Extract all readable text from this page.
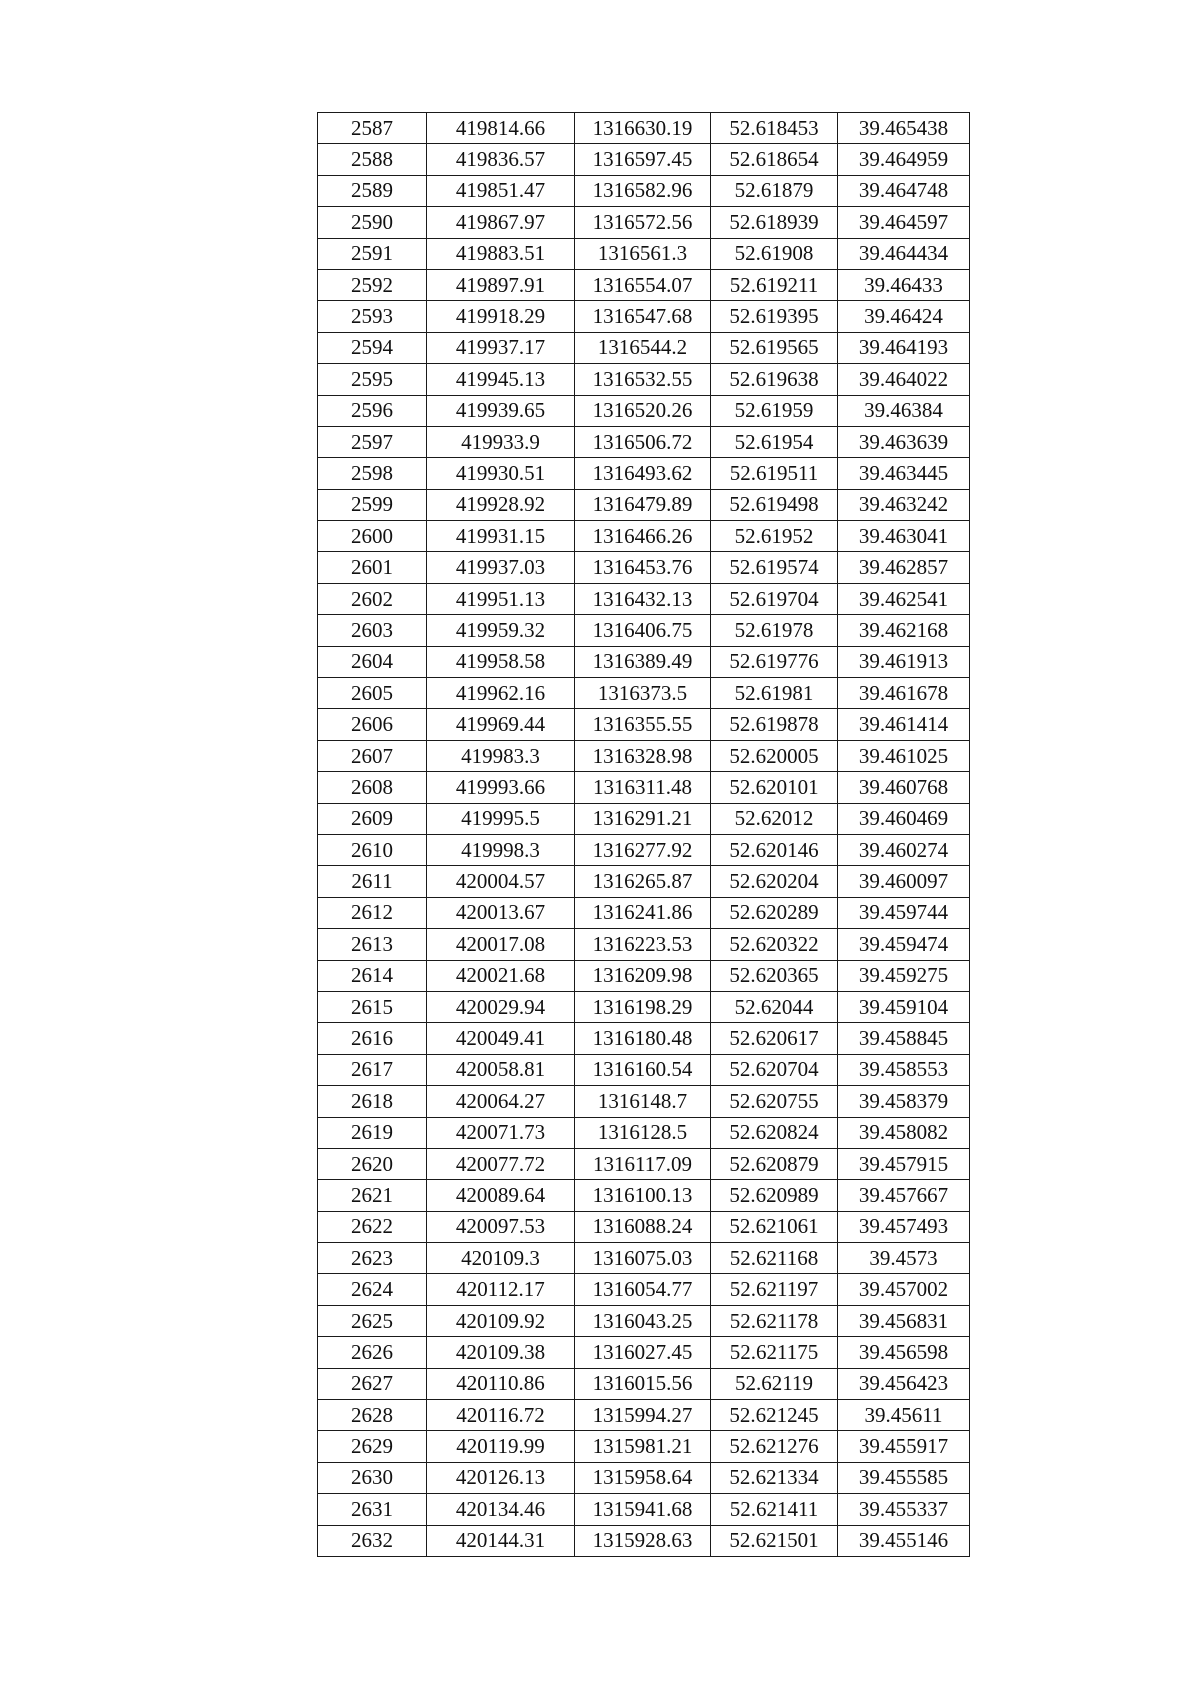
2587	419814.66	1316630.19	52.618453	39.465438
2588	419836.57	1316597.45	52.618654	39.464959
2589	419851.47	1316582.96	52.61879	39.464748
2590	419867.97	1316572.56	52.618939	39.464597
2591	419883.51	1316561.3	52.61908	39.464434
2592	419897.91	1316554.07	52.619211	39.46433
2593	419918.29	1316547.68	52.619395	39.46424
2594	419937.17	1316544.2	52.619565	39.464193
2595	419945.13	1316532.55	52.619638	39.464022
2596	419939.65	1316520.26	52.61959	39.46384
2597	419933.9	1316506.72	52.61954	39.463639
2598	419930.51	1316493.62	52.619511	39.463445
2599	419928.92	1316479.89	52.619498	39.463242
2600	419931.15	1316466.26	52.61952	39.463041
2601	419937.03	1316453.76	52.619574	39.462857
2602	419951.13	1316432.13	52.619704	39.462541
2603	419959.32	1316406.75	52.61978	39.462168
2604	419958.58	1316389.49	52.619776	39.461913
2605	419962.16	1316373.5	52.61981	39.461678
2606	419969.44	1316355.55	52.619878	39.461414
2607	419983.3	1316328.98	52.620005	39.461025
2608	419993.66	1316311.48	52.620101	39.460768
2609	419995.5	1316291.21	52.62012	39.460469
2610	419998.3	1316277.92	52.620146	39.460274
2611	420004.57	1316265.87	52.620204	39.460097
2612	420013.67	1316241.86	52.620289	39.459744
2613	420017.08	1316223.53	52.620322	39.459474
2614	420021.68	1316209.98	52.620365	39.459275
2615	420029.94	1316198.29	52.62044	39.459104
2616	420049.41	1316180.48	52.620617	39.458845
2617	420058.81	1316160.54	52.620704	39.458553
2618	420064.27	1316148.7	52.620755	39.458379
2619	420071.73	1316128.5	52.620824	39.458082
2620	420077.72	1316117.09	52.620879	39.457915
2621	420089.64	1316100.13	52.620989	39.457667
2622	420097.53	1316088.24	52.621061	39.457493
2623	420109.3	1316075.03	52.621168	39.4573
2624	420112.17	1316054.77	52.621197	39.457002
2625	420109.92	1316043.25	52.621178	39.456831
2626	420109.38	1316027.45	52.621175	39.456598
2627	420110.86	1316015.56	52.62119	39.456423
2628	420116.72	1315994.27	52.621245	39.45611
2629	420119.99	1315981.21	52.621276	39.455917
2630	420126.13	1315958.64	52.621334	39.455585
2631	420134.46	1315941.68	52.621411	39.455337
2632	420144.31	1315928.63	52.621501	39.455146
